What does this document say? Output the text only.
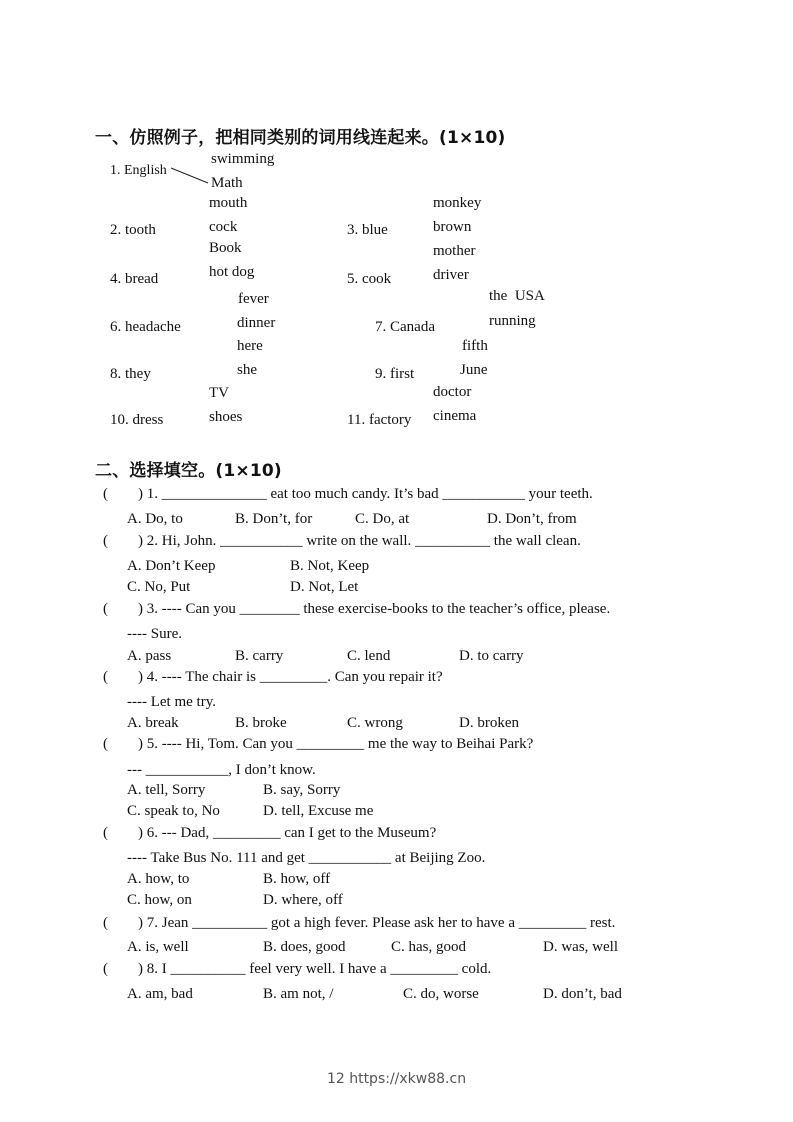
一、仿照例子，把相同类别的词用线连起来。(1×10)
1. English
2. tooth	3. blue
4. bread	5. cook
6. headache	7. Canada
8. they	9. first
10. dress	11. factory
swimming
Math
mouth
cock
Book
hot dog
fever
dinner
here
she
TV
shoes
monkey
brown
mother
driver
the  USA
running
fifth
June
doctor
cinema
二、选择填空。(1×10)
(        ) 1. ______________ eat too much candy. It’s bad ___________ your teeth.
A. Do, to	B. Don’t, for	C. Do, at	D. Don’t, from
(        ) 2. Hi, John. ___________ write on the wall. __________ the wall clean.
A. Don’t Keep	B. Not, Keep
C. No, Put	D. Not, Let
(        ) 3. ---- Can you ________ these exercise-books to the teacher’s office, please.
---- Sure.
A. pass	B. carry	C. lend	D. to carry
(        ) 4. ---- The chair is _________. Can you repair it?
---- Let me try.
A. break	B. broke	C. wrong	D. broken
(        ) 5. ---- Hi, Tom. Can you _________ me the way to Beihai Park?
--- ___________, I don’t know.
A. tell, Sorry	B. say, Sorry
C. speak to, No	D. tell, Excuse me
(        ) 6. --- Dad, _________ can I get to the Museum?
---- Take Bus No. 111 and get ___________ at Beijing Zoo.
A. how, to	B. how, off
C. how, on	D. where, off
(        ) 7. Jean __________ got a high fever. Please ask her to have a _________ rest.
A. is, well	B. does, good	C. has, good	D. was, well
(        ) 8. I __________ feel very well. I have a _________ cold.
A. am, bad	B. am not, /	C. do, worse	D. don’t, bad
12 https://xkw88.cn
